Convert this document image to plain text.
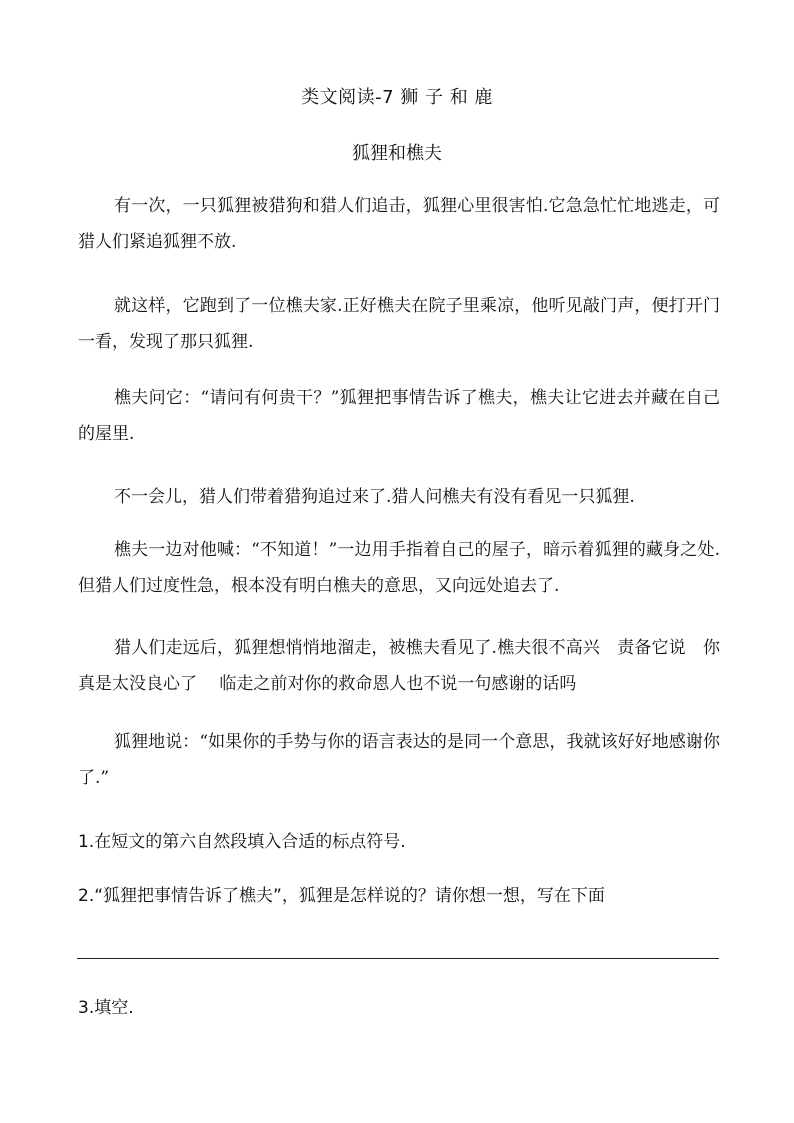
类文阅读-7 狮 子 和 鹿
狐狸和樵夫

有一次，一只狐狸被猎狗和猎人们追击，狐狸心里很害怕.它急急忙忙地逃走，可猎人们紧追狐狸不放.

就这样，它跑到了一位樵夫家.正好樵夫在院子里乘凉，他听见敲门声，便打开门一看，发现了那只狐狸.

樵夫问它：“请问有何贵干？”狐狸把事情告诉了樵夫，樵夫让它进去并藏在自己的屋里.

不一会儿，猎人们带着猎狗追过来了.猎人问樵夫有没有看见一只狐狸.

樵夫一边对他喊：“不知道！”一边用手指着自己的屋子，暗示着狐狸的藏身之处.但猎人们过度性急，根本没有明白樵夫的意思，又向远处追去了.

猎人们走远后，狐狸想悄悄地溜走，被樵夫看见了.樵夫很不高兴　责备它说　你真是太没良心了　 临走之前对你的救命恩人也不说一句感谢的话吗

狐狸地说：“如果你的手势与你的语言表达的是同一个意思，我就该好好地感谢你了.”

1.在短文的第六自然段填入合适的标点符号.

2.“狐狸把事情告诉了樵夫”，狐狸是怎样说的？请你想一想，写在下面

3.填空.
